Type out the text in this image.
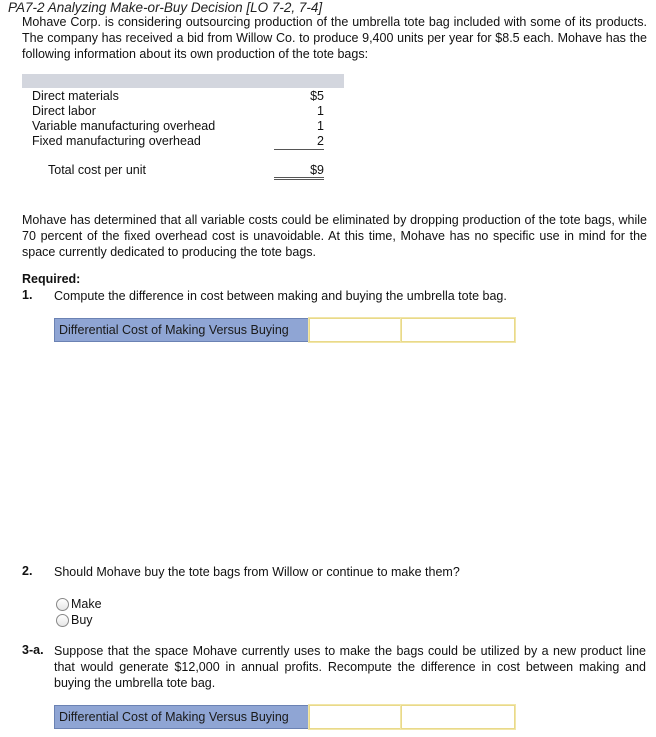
PA7-2 Analyzing Make-or-Buy Decision [LO 7-2, 7-4]
Mohave Corp. is considering outsourcing production of the umbrella tote bag included with some of its products. The company has received a bid from Willow Co. to produce 9,400 units per year for $8.5 each. Mohave has the following information about its own production of the tote bags:
Direct materials	$5
Direct labor	1
Variable manufacturing overhead	1
Fixed manufacturing overhead	2
Total cost per unit	$9
Mohave has determined that all variable costs could be eliminated by dropping production of the tote bags, while 70 percent of the fixed overhead cost is unavoidable. At this time, Mohave has no specific use in mind for the space currently dedicated to producing the tote bags.
Required:
1. Compute the difference in cost between making and buying the umbrella tote bag.
Differential Cost of Making Versus Buying
2. Should Mohave buy the tote bags from Willow or continue to make them?
Make
Buy
3-a. Suppose that the space Mohave currently uses to make the bags could be utilized by a new product line that would generate $12,000 in annual profits. Recompute the difference in cost between making and buying the umbrella tote bag.
Differential Cost of Making Versus Buying
